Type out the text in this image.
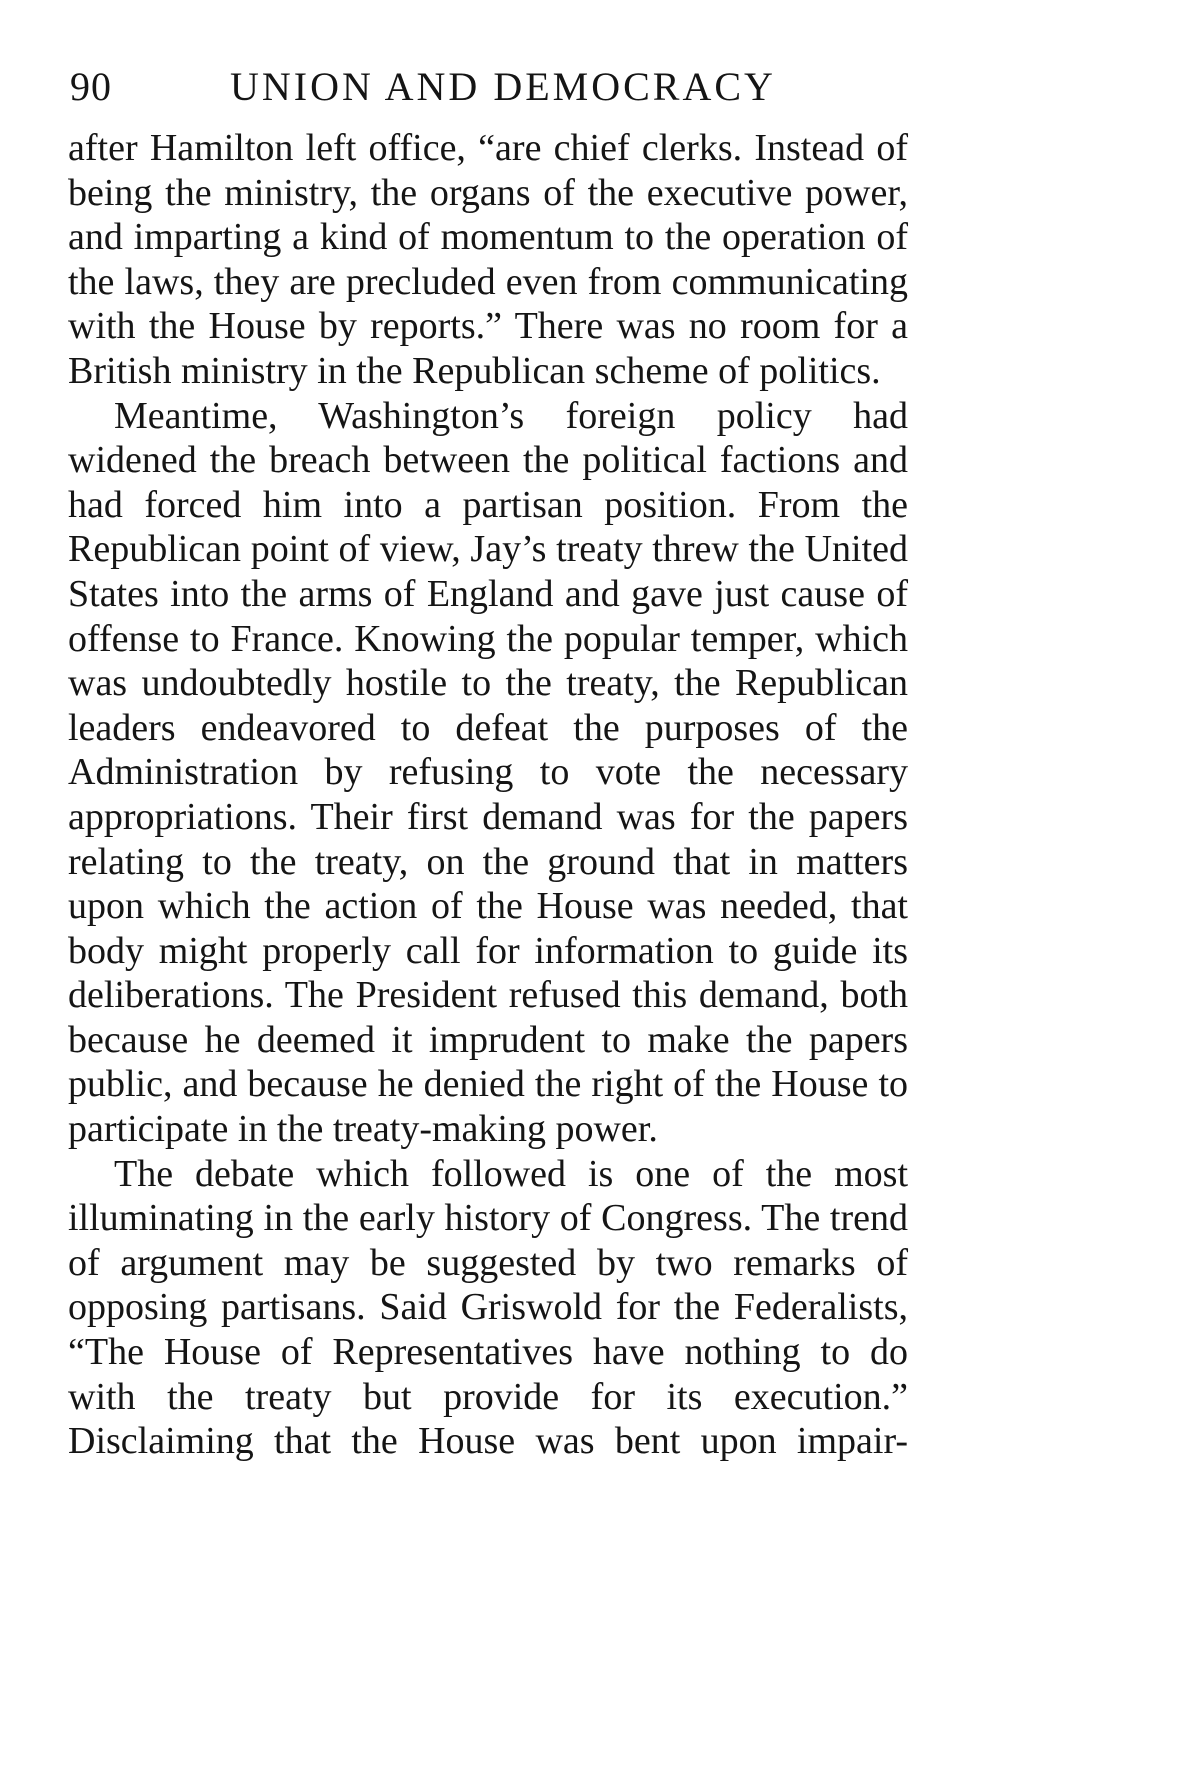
90	UNION AND DEMOCRACY

after Hamilton left office, “are chief clerks. Instead of being the ministry, the organs of the executive power, and imparting a kind of momentum to the operation of the laws, they are precluded even from communicating with the House by reports.” There was no room for a British ministry in the Republican scheme of politics.

Meantime, Washington’s foreign policy had widened the breach between the political factions and had forced him into a partisan position. From the Republican point of view, Jay’s treaty threw the United States into the arms of England and gave just cause of offense to France. Knowing the popular temper, which was undoubtedly hostile to the treaty, the Republican leaders endeavored to defeat the purposes of the Administration by refusing to vote the necessary appropriations. Their first demand was for the papers relating to the treaty, on the ground that in matters upon which the action of the House was needed, that body might properly call for information to guide its deliberations. The President refused this demand, both because he deemed it imprudent to make the papers public, and because he denied the right of the House to participate in the treaty-making power.

The debate which followed is one of the most illuminating in the early history of Congress. The trend of argument may be suggested by two remarks of opposing partisans. Said Griswold for the Federalists, “The House of Representatives have nothing to do with the treaty but provide for its execution.” Disclaiming that the House was bent upon impair-
